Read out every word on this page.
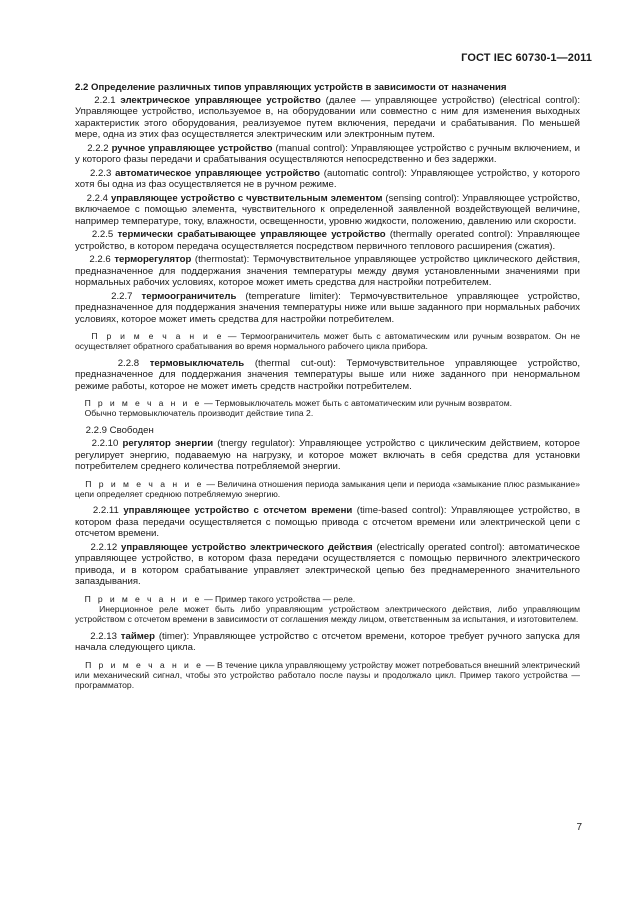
ГОСТ IEC 60730-1—2011

2.2 Определение различных типов управляющих устройств в зависимости от назначения

2.2.1 электрическое управляющее устройство (далее — управляющее устройство) (electrical control): Управляющее устройство, используемое в, на оборудовании или совместно с ним для изменения выходных характеристик этого оборудования, реализуемое путем включения, передачи и срабатывания. По меньшей мере, одна из этих фаз осуществляется электрическим или электронным путем.

2.2.2 ручное управляющее устройство (manual control): Управляющее устройство с ручным включением, и у которого фазы передачи и срабатывания осуществляются непосредственно и без задержки.

2.2.3 автоматическое управляющее устройство (automatic control): Управляющее устройство, у которого хотя бы одна из фаз осуществляется не в ручном режиме.

2.2.4 управляющее устройство с чувствительным элементом (sensing control): Управляющее устройство, включаемое с помощью элемента, чувствительного к определенной заявленной воздействующей величине, например температуре, току, влажности, освещенности, уровню жидкости, положению, давлению или скорости.

2.2.5 термически срабатывающее управляющее устройство (thermally operated control): Управляющее устройство, в котором передача осуществляется посредством первичного теплового расширения (сжатия).

2.2.6 терморегулятор (thermostat): Термочувствительное управляющее устройство циклического действия, предназначенное для поддержания значения температуры между двумя установленными значениями при нормальных рабочих условиях, которое может иметь средства для настройки потребителем.

2.2.7 термоограничитель (temperature limiter): Термочувствительное управляющее устройство, предназначенное для поддержания значения температуры ниже или выше заданного при нормальных рабочих условиях, которое может иметь средства для настройки потребителем.

П р и м е ч а н и е — Термоограничитель может быть с автоматическим или ручным возвратом. Он не осуществляет обратного срабатывания во время нормального рабочего цикла прибора.

2.2.8 термовыключатель (thermal cut-out): Термочувствительное управляющее устройство, предназначенное для поддержания значения температуры выше или ниже заданного при ненормальном режиме работы, которое не может иметь средств настройки потребителем.

П р и м е ч а н и е — Термовыключатель может быть с автоматическим или ручным возвратом.

Обычно термовыключатель производит действие типа 2.

2.2.9 Свободен

2.2.10 регулятор энергии (tnergy regulator): Управляющее устройство с циклическим действием, которое регулирует энергию, подаваемую на нагрузку, и которое может включать в себя средства для установки потребителем среднего количества потребляемой энергии.

П р и м е ч а н и е — Величина отношения периода замыкания цепи и периода «замыкание плюс размыкание» цепи определяет среднюю потребляемую энергию.

2.2.11 управляющее устройство с отсчетом времени (time-based control): Управляющее устройство, в котором фаза передачи осуществляется с помощью привода с отсчетом времени или электрической цепи с отсчетом времени.

2.2.12 управляющее устройство электрического действия (electrically operated control): автоматическое управляющее устройство, в котором фаза передачи осуществляется с помощью первичного электрического привода, и в котором срабатывание управляет электрической цепью без преднамеренного значительного запаздывания.

П р и м е ч а н и е — Пример такого устройства — реле.

Инерционное реле может быть либо управляющим устройством электрического действия, либо управляющим устройством с отсчетом времени в зависимости от соглашения между лицом, ответственным за испытания, и изготовителем.

2.2.13 таймер (timer): Управляющее устройство с отсчетом времени, которое требует ручного запуска для начала следующего цикла.

П р и м е ч а н и е — В течение цикла управляющему устройству может потребоваться внешний электрический или механический сигнал, чтобы это устройство работало после паузы и продолжало цикл. Пример такого устройства — программатор.

7
